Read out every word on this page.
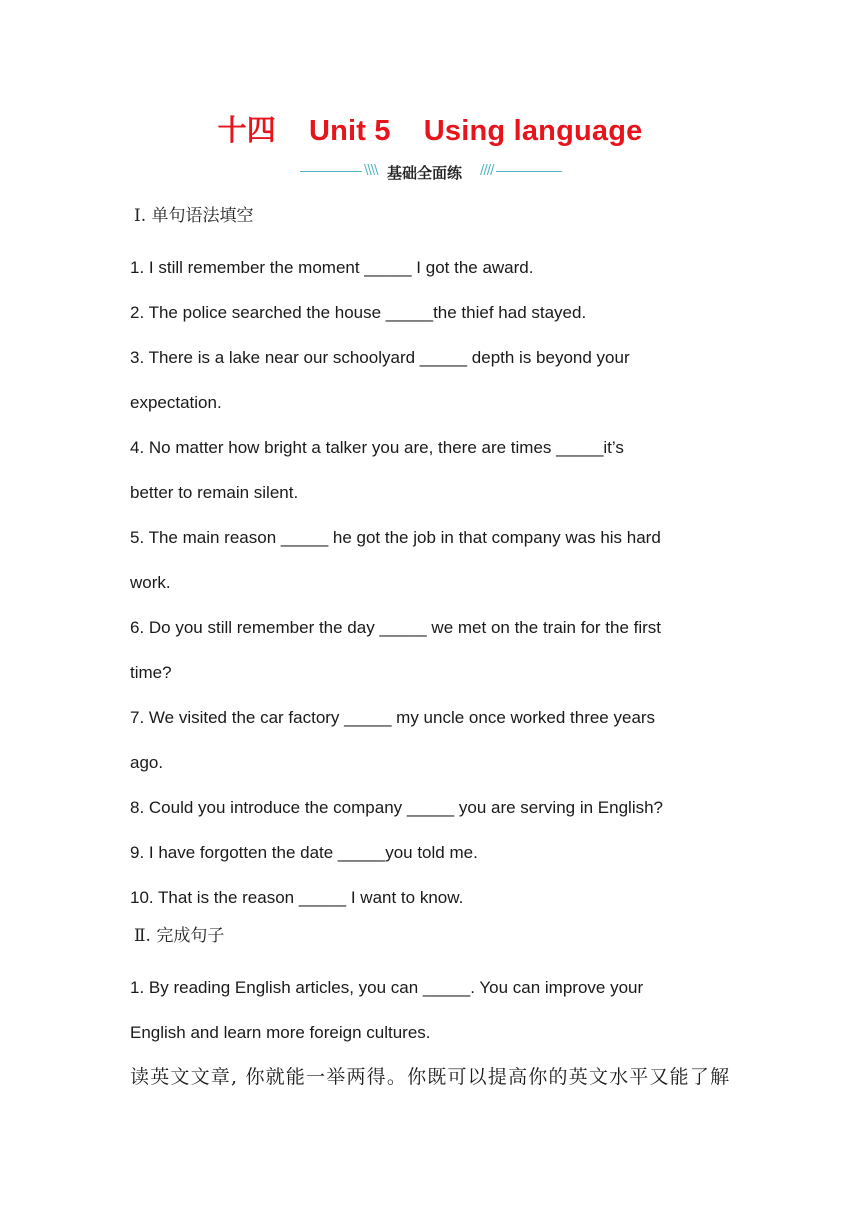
十四 Unit 5 Using language
\\\\ 基础全面练 ////
Ⅰ. 单句语法填空
1. I still remember the moment _____ I got the award.
2. The police searched the house _____the thief had stayed.
3. There is a lake near our schoolyard _____ depth is beyond your
expectation.
4. No matter how bright a talker you are, there are times _____it’s
better to remain silent.
5. The main reason _____ he got the job in that company was his hard
work.
6. Do you still remember the day _____ we met on the train for the first
time?
7. We visited the car factory _____ my uncle once worked three years
ago.
8. Could you introduce the company _____ you are serving in English?
9. I have forgotten the date _____you told me.
10. That is the reason _____ I want to know.
Ⅱ. 完成句子
1. By reading English articles, you can _____. You can improve your
English and learn more foreign cultures.
读英文文章, 你就能一举两得。你既可以提高你的英文水平又能了解
